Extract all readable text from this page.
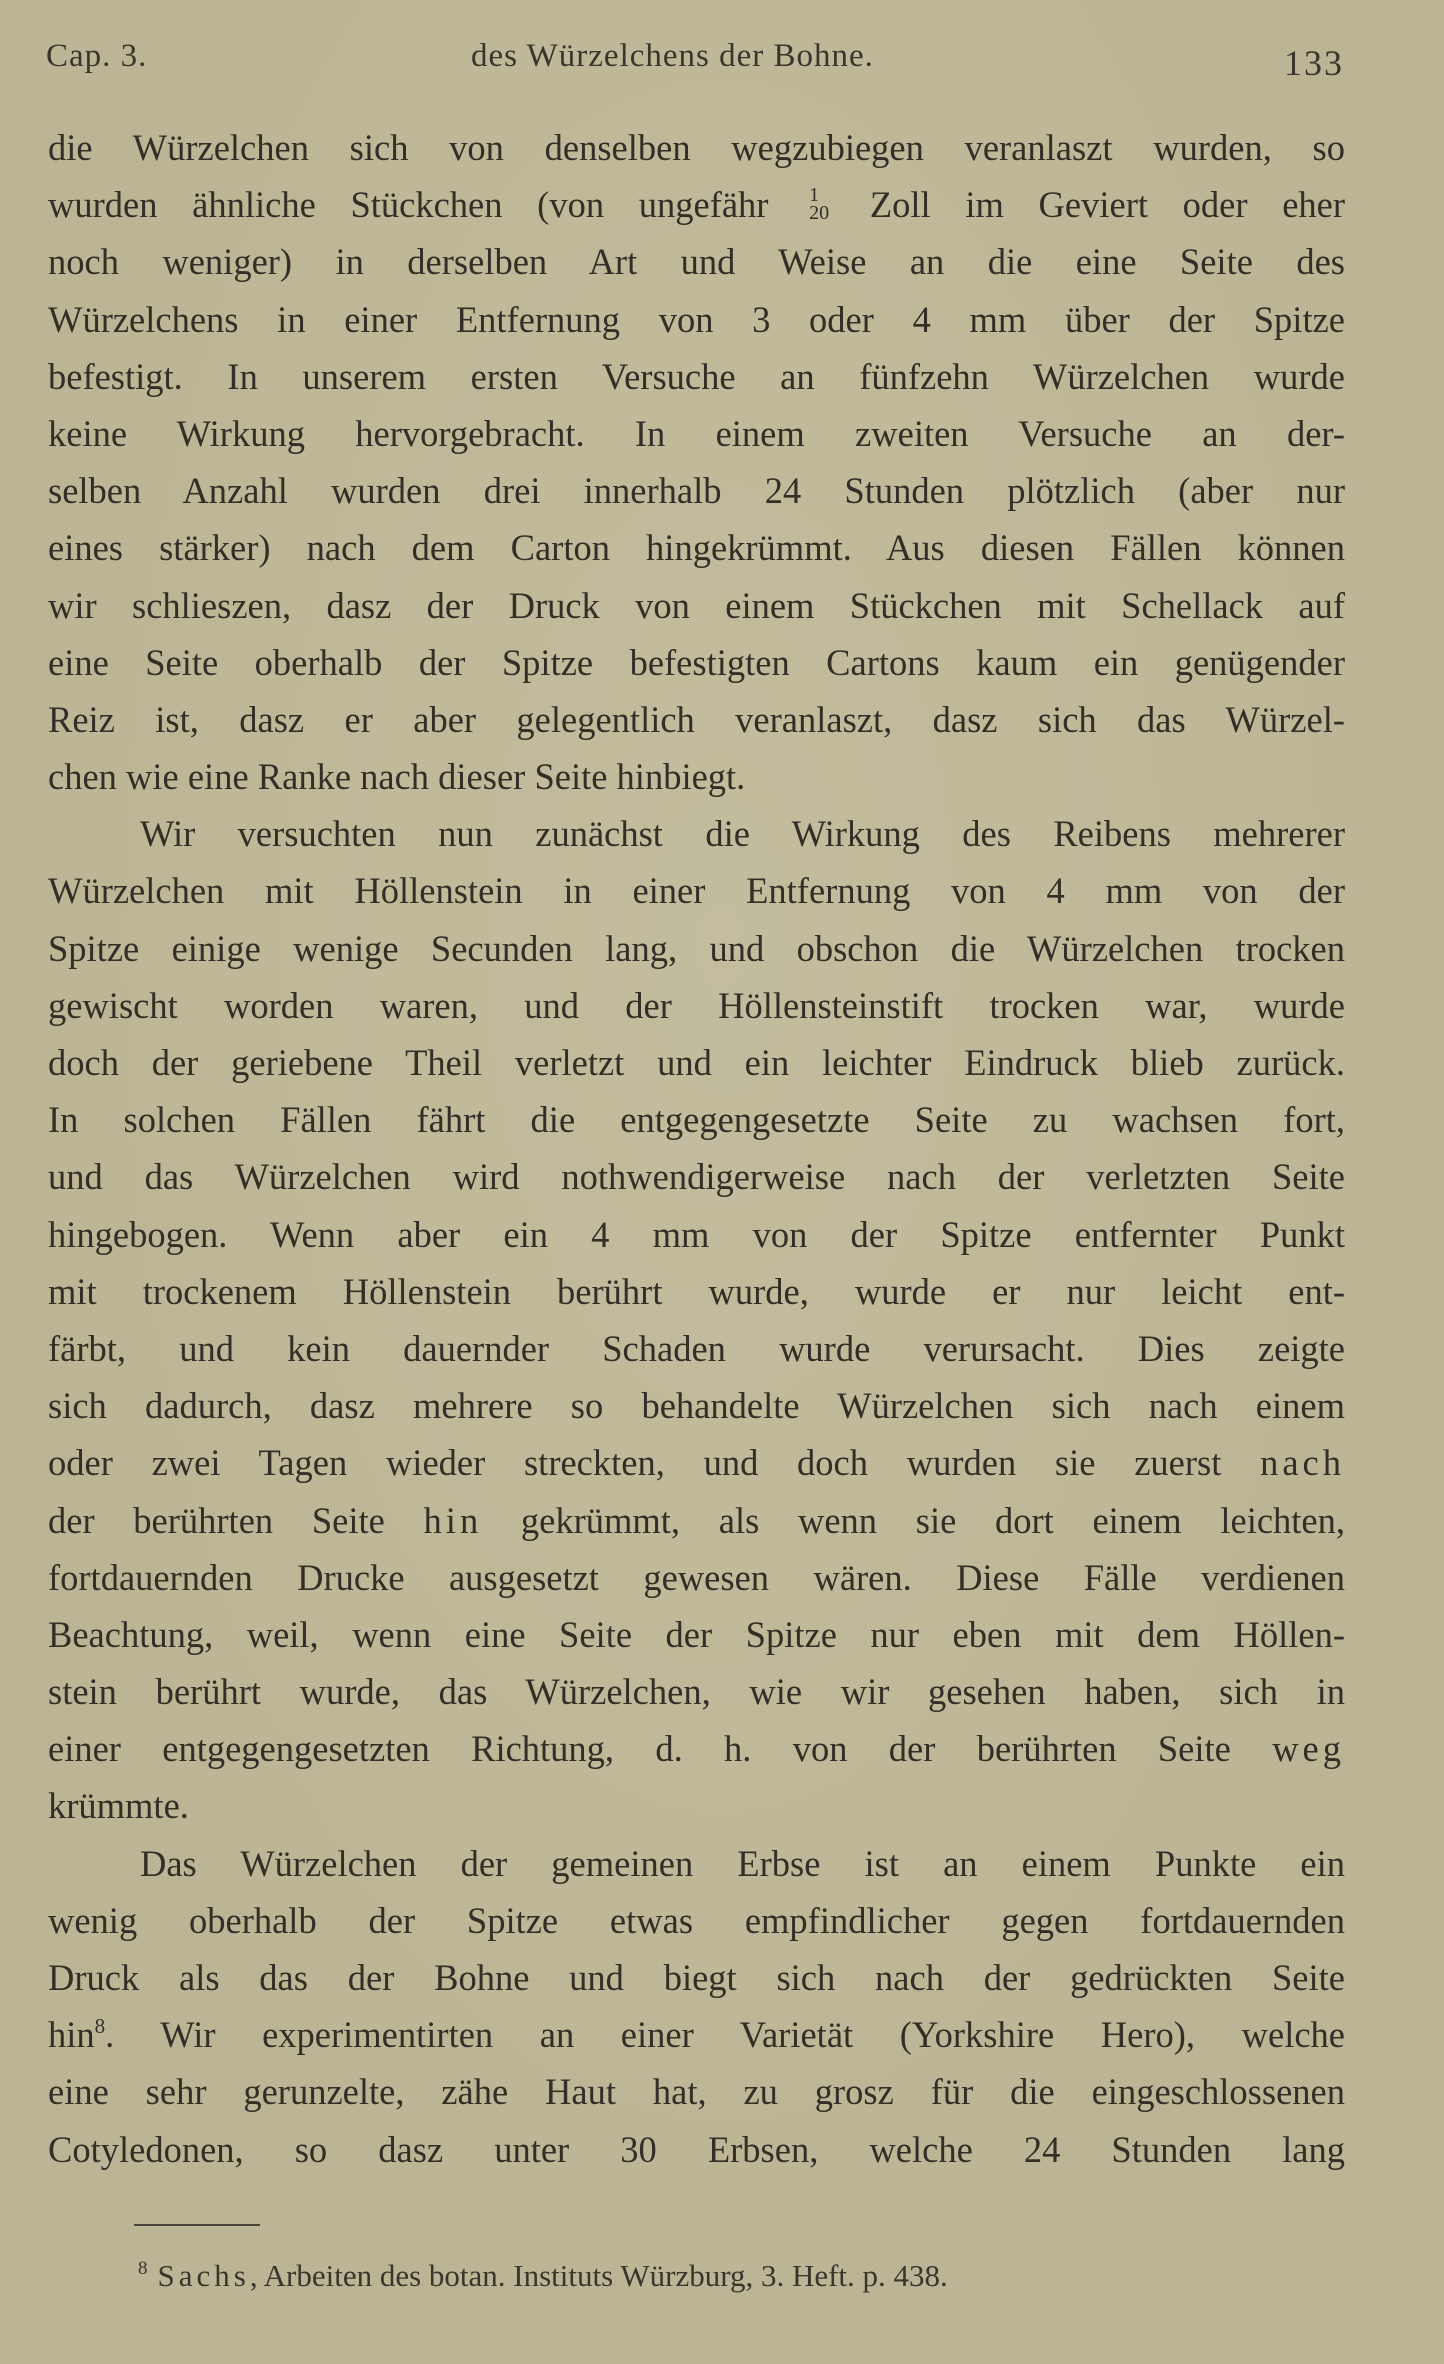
Cap. 3.	des Würzelchens der Bohne.	133
die Würzelchen sich von denselben wegzubiegen veranlaszt wurden, so
wurden ähnliche Stückchen (von ungefähr 1
20 Zoll im Geviert oder eher
noch weniger) in derselben Art und Weise an die eine Seite des
Würzelchens in einer Entfernung von 3 oder 4 mm über der Spitze
befestigt. In unserem ersten Versuche an fünfzehn Würzelchen wurde
keine Wirkung hervorgebracht. In einem zweiten Versuche an der-
selben Anzahl wurden drei innerhalb 24 Stunden plötzlich (aber nur
eines stärker) nach dem Carton hingekrümmt. Aus diesen Fällen können
wir schlieszen, dasz der Druck von einem Stückchen mit Schellack auf
eine Seite oberhalb der Spitze befestigten Cartons kaum ein genügender
Reiz ist, dasz er aber gelegentlich veranlaszt, dasz sich das Würzel-
chen wie eine Ranke nach dieser Seite hinbiegt.
Wir versuchten nun zunächst die Wirkung des Reibens mehrerer
Würzelchen mit Höllenstein in einer Entfernung von 4 mm von der
Spitze einige wenige Secunden lang, und obschon die Würzelchen trocken
gewischt worden waren, und der Höllensteinstift trocken war, wurde
doch der geriebene Theil verletzt und ein leichter Eindruck blieb zurück.
In solchen Fällen fährt die entgegengesetzte Seite zu wachsen fort,
und das Würzelchen wird nothwendigerweise nach der verletzten Seite
hingebogen. Wenn aber ein 4 mm von der Spitze entfernter Punkt
mit trockenem Höllenstein berührt wurde, wurde er nur leicht ent-
färbt, und kein dauernder Schaden wurde verursacht. Dies zeigte
sich dadurch, dasz mehrere so behandelte Würzelchen sich nach einem
oder zwei Tagen wieder streckten, und doch wurden sie zuerst nach
der berührten Seite hin gekrümmt, als wenn sie dort einem leichten,
fortdauernden Drucke ausgesetzt gewesen wären. Diese Fälle verdienen
Beachtung, weil, wenn eine Seite der Spitze nur eben mit dem Höllen-
stein berührt wurde, das Würzelchen, wie wir gesehen haben, sich in
einer entgegengesetzten Richtung, d. h. von der berührten Seite weg
krümmte.
Das Würzelchen der gemeinen Erbse ist an einem Punkte ein
wenig oberhalb der Spitze etwas empfindlicher gegen fortdauernden
Druck als das der Bohne und biegt sich nach der gedrückten Seite
hin$^8$. Wir experimentirten an einer Varietät (Yorkshire Hero), welche
eine sehr gerunzelte, zähe Haut hat, zu grosz für die eingeschlossenen
Cotyledonen, so dasz unter 30 Erbsen, welche 24 Stunden lang
$^8$ Sachs, Arbeiten des botan. Instituts Würzburg, 3. Heft. p. 438.
